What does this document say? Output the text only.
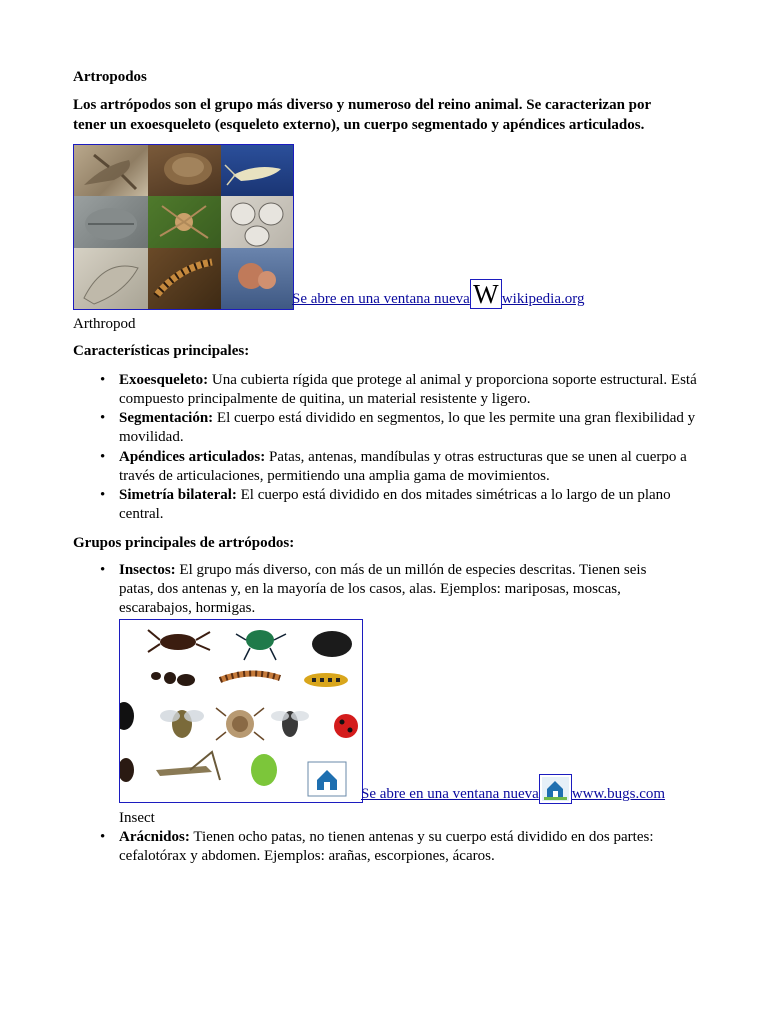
Artropodos
Los artrópodos son el grupo más diverso y numeroso del reino animal. Se caracterizan por tener un exoesqueleto (esqueleto externo), un cuerpo segmentado y apéndices articulados.
Se abre en una ventana nueva W wikipedia.org
Arthropod
Características principales:
• Exoesqueleto: Una cubierta rígida que protege al animal y proporciona soporte estructural. Está compuesto principalmente de quitina, un material resistente y ligero.
• Segmentación: El cuerpo está dividido en segmentos, lo que les permite una gran flexibilidad y movilidad.
• Apéndices articulados: Patas, antenas, mandíbulas y otras estructuras que se unen al cuerpo a través de articulaciones, permitiendo una amplia gama de movimientos.
• Simetría bilateral: El cuerpo está dividido en dos mitades simétricas a lo largo de un plano central.
Grupos principales de artrópodos:
• Insectos: El grupo más diverso, con más de un millón de especies descritas. Tienen seis patas, dos antenas y, en la mayoría de los casos, alas. Ejemplos: mariposas, moscas, escarabajos, hormigas.
Se abre en una ventana nueva www.bugs.com
Insect
• Arácnidos: Tienen ocho patas, no tienen antenas y su cuerpo está dividido en dos partes: cefalotórax y abdomen. Ejemplos: arañas, escorpiones, ácaros.
